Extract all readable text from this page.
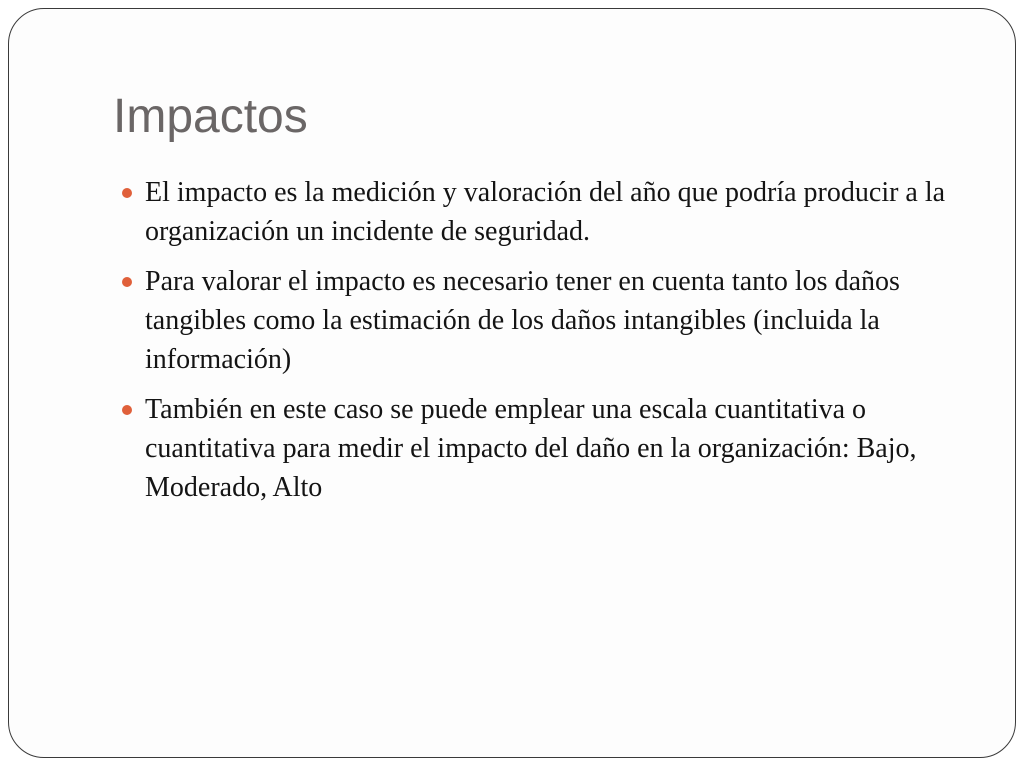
Impactos
El impacto es la medición y valoración del año que podría producir a la organización un incidente de seguridad.
Para valorar el impacto es necesario tener en cuenta tanto los daños tangibles como la estimación de los daños intangibles (incluida la información)
También en este caso se puede emplear una escala cuantitativa o cuantitativa para medir el impacto del daño en la organización: Bajo, Moderado, Alto
